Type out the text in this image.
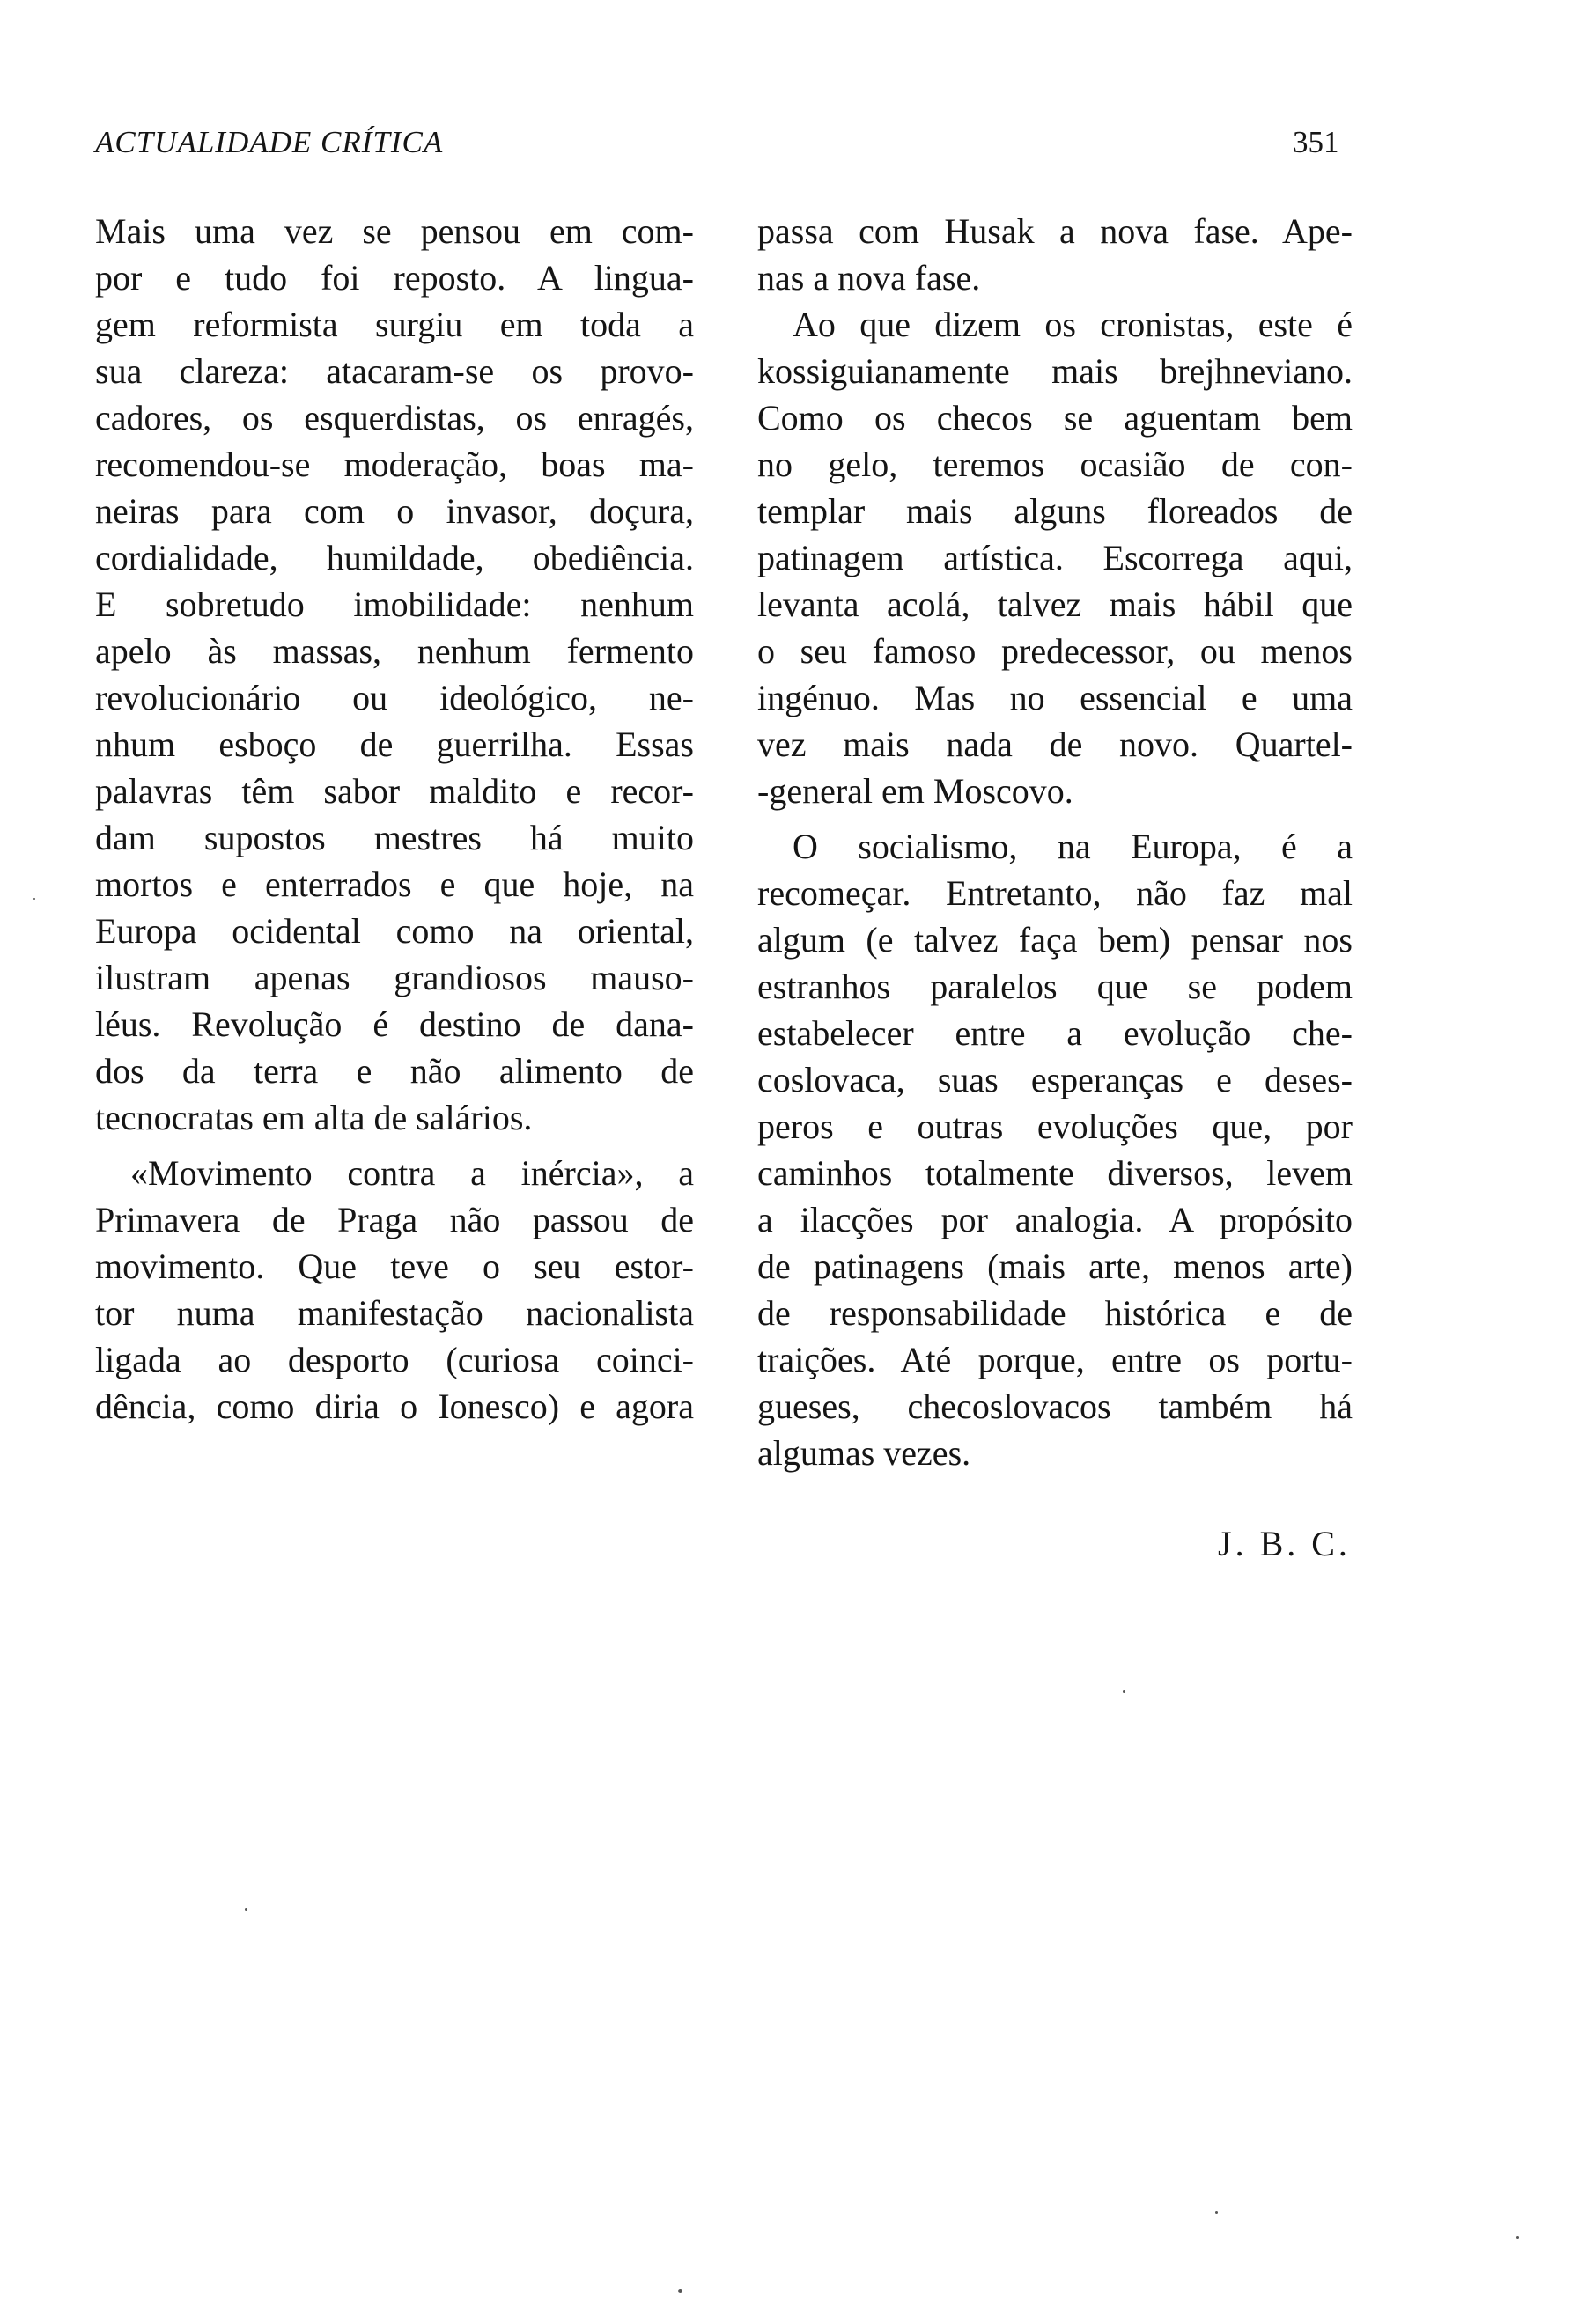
ACTUALIDADE CRÍTICA	351
Mais uma vez se pensou em com-
por e tudo foi reposto. A lingua-
gem reformista surgiu em toda a
sua clareza: atacaram-se os provo-
cadores, os esquerdistas, os enragés,
recomendou-se moderação, boas ma-
neiras para com o invasor, doçura,
cordialidade, humildade, obediência.
E sobretudo imobilidade: nenhum
apelo às massas, nenhum fermento
revolucionário ou ideológico, ne-
nhum esboço de guerrilha. Essas
palavras têm sabor maldito e recor-
dam supostos mestres há muito
mortos e enterrados e que hoje, na
Europa ocidental como na oriental,
ilustram apenas grandiosos mauso-
léus. Revolução é destino de dana-
dos da terra e não alimento de
tecnocratas em alta de salários.
«Movimento contra a inércia», a
Primavera de Praga não passou de
movimento. Que teve o seu estor-
tor numa manifestação nacionalista
ligada ao desporto (curiosa coinci-
dência, como diria o Ionesco) e agora
passa com Husak a nova fase. Ape-
nas a nova fase.
Ao que dizem os cronistas, este é
kossiguianamente mais brejhneviano.
Como os checos se aguentam bem
no gelo, teremos ocasião de con-
templar mais alguns floreados de
patinagem artística. Escorrega aqui,
levanta acolá, talvez mais hábil que
o seu famoso predecessor, ou menos
ingénuo. Mas no essencial e uma
vez mais nada de novo. Quartel-
-general em Moscovo.
O socialismo, na Europa, é a
recomeçar. Entretanto, não faz mal
algum (e talvez faça bem) pensar nos
estranhos paralelos que se podem
estabelecer entre a evolução che-
coslovaca, suas esperanças e deses-
peros e outras evoluções que, por
caminhos totalmente diversos, levem
a ilacções por analogia. A propósito
de patinagens (mais arte, menos arte)
de responsabilidade histórica e de
traições. Até porque, entre os portu-
gueses, checoslovacos também há
algumas vezes.
J. B. C.
